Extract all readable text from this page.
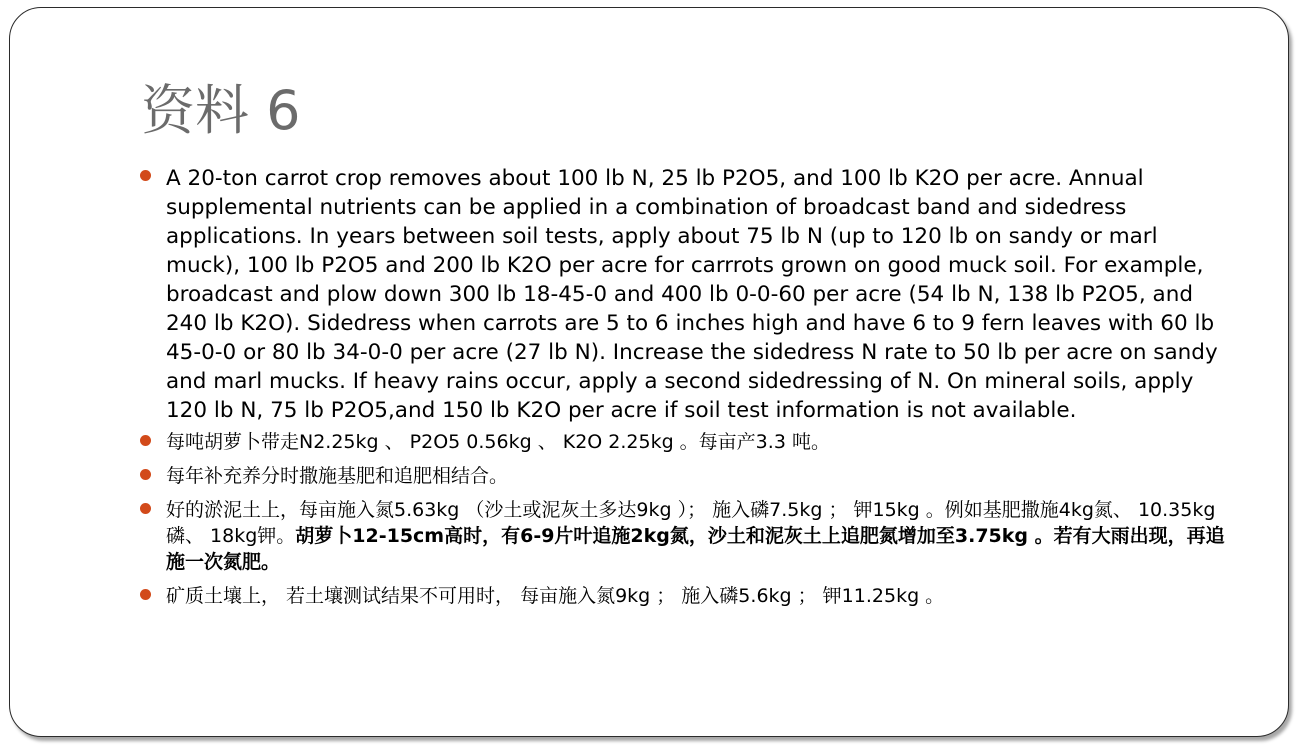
资料 6
A 20-ton carrot crop removes about 100 lb N, 25 lb P2O5, and 100 lb K2O per acre. Annual supplemental nutrients can be applied in a combination of broadcast band and sidedress applications. In years between soil tests, apply about 75 lb N (up to 120 lb on sandy or marl muck), 100 lb P2O5 and 200 lb K2O per acre for carrrots grown on good muck soil. For example, broadcast and plow down 300 lb 18-45-0 and 400 lb 0-0-60 per acre (54 lb N, 138 lb P2O5, and 240 lb K2O). Sidedress when carrots are 5 to 6 inches high and have 6 to 9 fern leaves with 60 lb 45-0-0 or 80 lb 34-0-0 per acre (27 lb N). Increase the sidedress N rate to 50 lb per acre on sandy and marl mucks. If heavy rains occur, apply a second sidedressing of N. On mineral soils, apply 120 lb N, 75 lb P2O5,and 150 lb K2O per acre if soil test information is not available.
每吨胡萝卜带走N2.25kg 、 P2O5 0.56kg 、 K2O 2.25kg 。每亩产3.3 吨。
每年补充养分时撒施基肥和追肥相结合。
好的淤泥土上，每亩施入氮5.63kg （沙土或泥灰土多达9kg ）； 施入磷7.5kg ； 钾15kg 。例如基肥撒施4kg氮、 10.35kg磷、 18kg钾。胡萝卜12-15cm高时，有6-9片叶追施2kg氮，沙土和泥灰土上追肥氮增加至3.75kg 。若有大雨出现，再追施一次氮肥。
矿质土壤上， 若土壤测试结果不可用时， 每亩施入氮9kg ； 施入磷5.6kg ； 钾11.25kg 。
